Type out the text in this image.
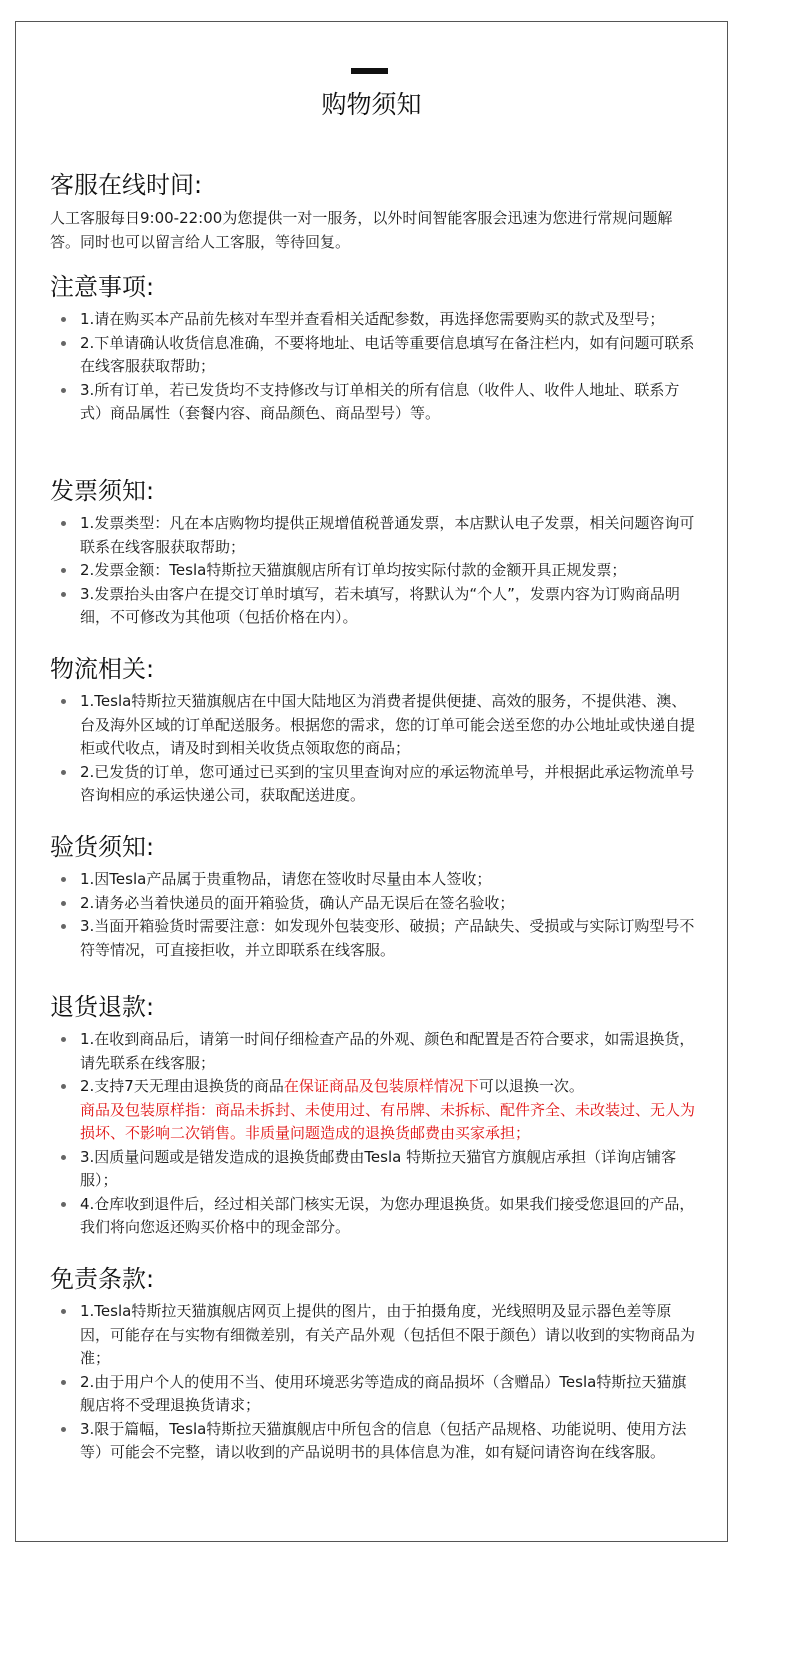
购物须知
客服在线时间:

人工客服每日9:00-22:00为您提供一对一服务，以外时间智能客服会迅速为您进行常规问题解答。同时也可以留言给人工客服，等待回复。

注意事项:
1.请在购买本产品前先核对车型并查看相关适配参数，再选择您需要购买的款式及型号；
2.下单请确认收货信息准确，不要将地址、电话等重要信息填写在备注栏内，如有问题可联系在线客服获取帮助；
3.所有订单，若已发货均不支持修改与订单相关的所有信息（收件人、收件人地址、联系方式）商品属性（套餐内容、商品颜色、商品型号）等。
发票须知:
1.发票类型：凡在本店购物均提供正规增值税普通发票，本店默认电子发票，相关问题咨询可联系在线客服获取帮助；
2.发票金额：Tesla特斯拉天猫旗舰店所有订单均按实际付款的金额开具正规发票；
3.发票抬头由客户在提交订单时填写，若未填写，将默认为“个人”，发票内容为订购商品明细，不可修改为其他项（包括价格在内）。
物流相关:
1.Tesla特斯拉天猫旗舰店在中国大陆地区为消费者提供便捷、高效的服务，不提供港、澳、台及海外区域的订单配送服务。根据您的需求，您的订单可能会送至您的办公地址或快递自提柜或代收点，请及时到相关收货点领取您的商品；
2.已发货的订单，您可通过已买到的宝贝里查询对应的承运物流单号，并根据此承运物流单号咨询相应的承运快递公司，获取配送进度。
验货须知:
1.因Tesla产品属于贵重物品，请您在签收时尽量由本人签收；
2.请务必当着快递员的面开箱验货，确认产品无误后在签名验收；
3.当面开箱验货时需要注意：如发现外包装变形、破损；产品缺失、受损或与实际订购型号不符等情况，可直接拒收，并立即联系在线客服。
退货退款:
1.在收到商品后，请第一时间仔细检查产品的外观、颜色和配置是否符合要求，如需退换货，请先联系在线客服；
2.支持7天无理由退换货的商品在保证商品及包装原样情况下可以退换一次。
商品及包装原样指：商品未拆封、未使用过、有吊牌、未拆标、配件齐全、未改装过、无人为损坏、不影响二次销售。非质量问题造成的退换货邮费由买家承担；
3.因质量问题或是错发造成的退换货邮费由Tesla 特斯拉天猫官方旗舰店承担（详询店铺客服）；
4.仓库收到退件后，经过相关部门核实无误，为您办理退换货。如果我们接受您退回的产品，我们将向您返还购买价格中的现金部分。
免责条款:
1.Tesla特斯拉天猫旗舰店网页上提供的图片，由于拍摄角度，光线照明及显示器色差等原因，可能存在与实物有细微差别，有关产品外观（包括但不限于颜色）请以收到的实物商品为准；
2.由于用户个人的使用不当、使用环境恶劣等造成的商品损坏（含赠品）Tesla特斯拉天猫旗舰店将不受理退换货请求；
3.限于篇幅，Tesla特斯拉天猫旗舰店中所包含的信息（包括产品规格、功能说明、使用方法等）可能会不完整，请以收到的产品说明书的具体信息为准，如有疑问请咨询在线客服。
